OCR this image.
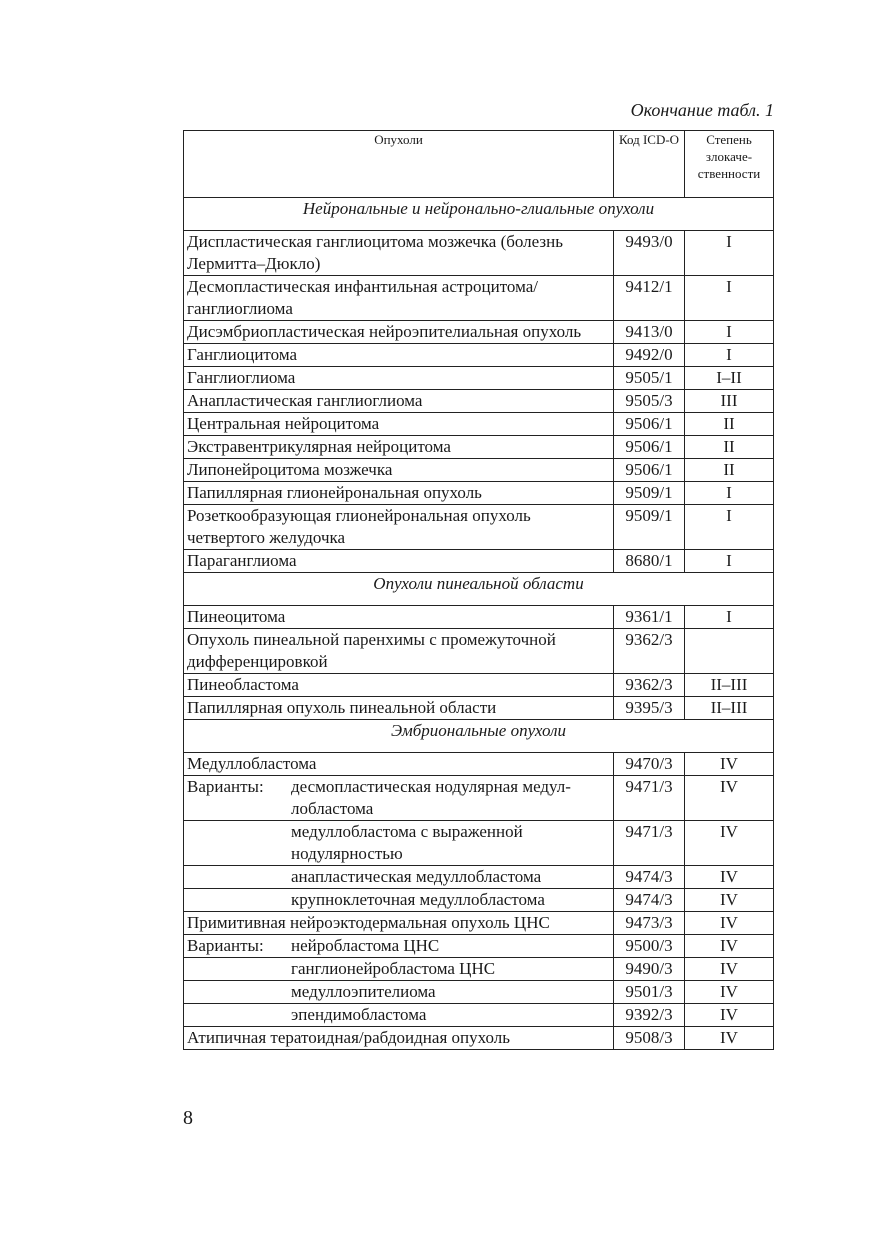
Окончание табл. 1
Опухоли	Код ICD-O	Степень злокаче- ственности
Нейрональные и нейронально-глиальные опухоли		
Диспластическая ганглиоцитома мозжечка (болезнь Лермитта–Дюкло)	9493/0	I
Десмопластическая инфантильная астроцитома/ ганглиоглиома	9412/1	I
Дисэмбриопластическая нейроэпителиальная опухоль	9413/0	I
Ганглиоцитома	9492/0	I
Ганглиоглиома	9505/1	I–II
Анапластическая ганглиоглиома	9505/3	III
Центральная нейроцитома	9506/1	II
Экстравентрикулярная нейроцитома	9506/1	II
Липонейроцитома мозжечка	9506/1	II
Папиллярная глионейрональная опухоль	9509/1	I
Розеткообразующая глионейрональная опухоль четвертого желудочка	9509/1	I
Параганглиома	8680/1	I
Опухоли пинеальной области		
Пинеоцитома	9361/1	I
Опухоль пинеальной паренхимы с промежуточной дифференцировкой	9362/3	
Пинеобластома	9362/3	II–III
Папиллярная опухоль пинеальной области	9395/3	II–III
Эмбриональные опухоли		
Медуллобластома	9470/3	IV

Варианты: десмопластическая нодулярная медул- лобластома	9471/3	IV
медуллобластома с выраженной нодулярностью	9471/3	IV
анапластическая медуллобластома	9474/3	IV
крупноклеточная медуллобластома	9474/3	IV
Примитивная нейроэктодермальная опухоль ЦНС	9473/3	IV

Варианты: нейробластома ЦНС	9500/3	IV
ганглионейробластома ЦНС	9490/3	IV
медуллоэпителиома	9501/3	IV
эпендимобластома	9392/3	IV
Атипичная тератоидная/рабдоидная опухоль	9508/3	IV
8
